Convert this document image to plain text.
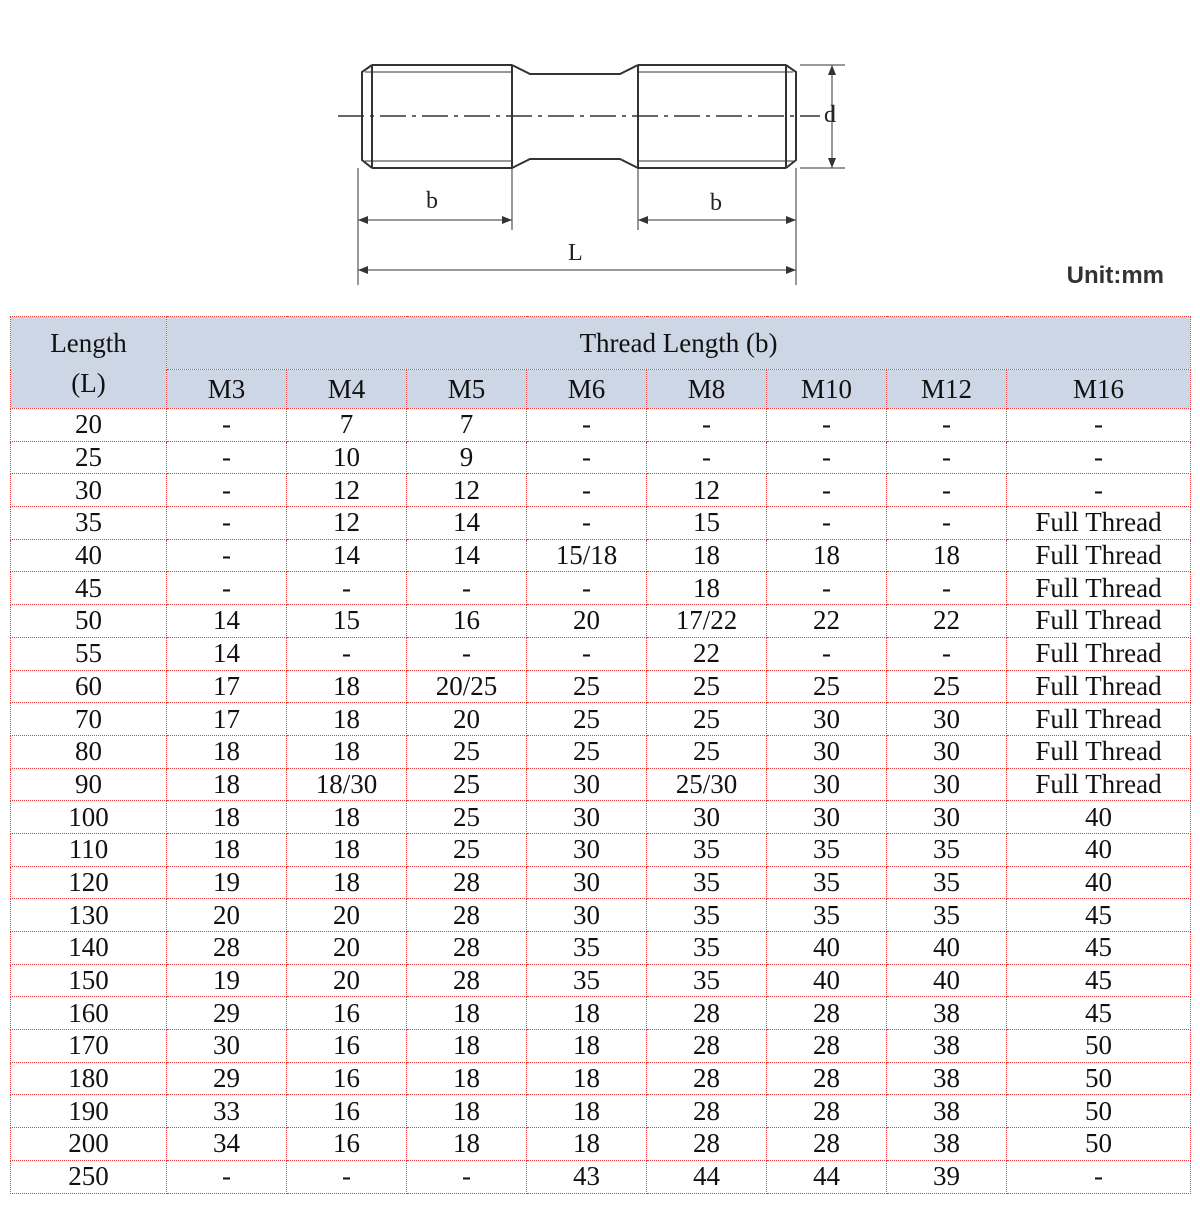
b	b
L
d
Unit:mm
Length
(L)	Thread Length (b)							
	M3	M4	M5	M6	M8	M10	M12	M16
20	-	7	7	-	-	-	-	-
25	-	10	9	-	-	-	-	-
30	-	12	12	-	12	-	-	-
35	-	12	14	-	15	-	-	Full Thread
40	-	14	14	15/18	18	18	18	Full Thread
45	-	-	-	-	18	-	-	Full Thread
50	14	15	16	20	17/22	22	22	Full Thread
55	14	-	-	-	22	-	-	Full Thread
60	17	18	20/25	25	25	25	25	Full Thread
70	17	18	20	25	25	30	30	Full Thread
80	18	18	25	25	25	30	30	Full Thread
90	18	18/30	25	30	25/30	30	30	Full Thread
100	18	18	25	30	30	30	30	40
110	18	18	25	30	35	35	35	40
120	19	18	28	30	35	35	35	40
130	20	20	28	30	35	35	35	45
140	28	20	28	35	35	40	40	45
150	19	20	28	35	35	40	40	45
160	29	16	18	18	28	28	38	45
170	30	16	18	18	28	28	38	50
180	29	16	18	18	28	28	38	50
190	33	16	18	18	28	28	38	50
200	34	16	18	18	28	28	38	50
250	-	-	-	43	44	44	39	-
